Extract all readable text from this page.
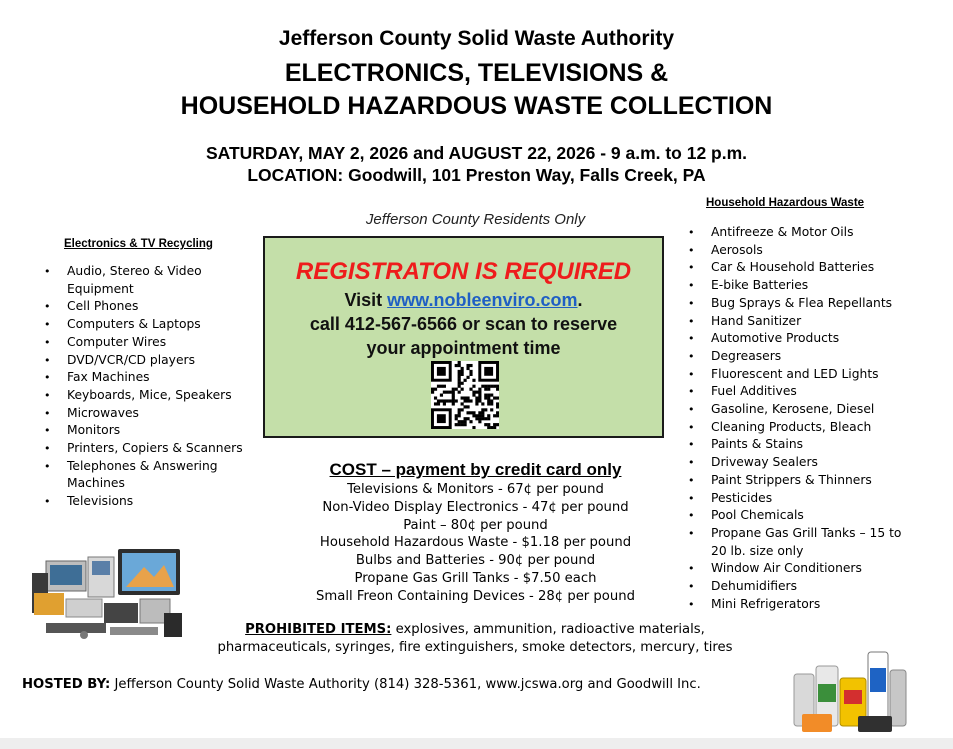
Jefferson County Solid Waste Authority
ELECTRONICS, TELEVISIONS &
HOUSEHOLD HAZARDOUS WASTE COLLECTION
SATURDAY, MAY 2, 2026 and AUGUST 22, 2026 - 9 a.m. to 12 p.m.
LOCATION: Goodwill, 101 Preston Way, Falls Creek, PA
Jefferson County Residents Only
Electronics & TV Recycling
• Audio, Stereo & Video
Equipment
• Cell Phones
• Computers & Laptops
• Computer Wires
• DVD/VCR/CD players
• Fax Machines
• Keyboards, Mice, Speakers
• Microwaves
• Monitors
• Printers, Copiers & Scanners
• Telephones & Answering
Machines
• Televisions
REGISTRATON IS REQUIRED
Visit www.nobleenviro.com.
call 412-567-6566 or scan to reserve
your appointment time
COST – payment by credit card only
Televisions & Monitors - 67¢ per pound
Non-Video Display Electronics - 47¢ per pound
Paint – 80¢ per pound
Household Hazardous Waste - $1.18 per pound
Bulbs and Batteries - 90¢ per pound
Propane Gas Grill Tanks - $7.50 each
Small Freon Containing Devices - 28¢ per pound
Household Hazardous Waste
• Antifreeze & Motor Oils
• Aerosols
• Car & Household Batteries
• E-bike Batteries
• Bug Sprays & Flea Repellants
• Hand Sanitizer
• Automotive Products
• Degreasers
• Fluorescent and LED Lights
• Fuel Additives
• Gasoline, Kerosene, Diesel
• Cleaning Products, Bleach
• Paints & Stains
• Driveway Sealers
• Paint Strippers & Thinners
• Pesticides
• Pool Chemicals
• Propane Gas Grill Tanks – 15 to
20 lb. size only
• Window Air Conditioners
• Dehumidifiers
• Mini Refrigerators
PROHIBITED ITEMS: explosives, ammunition, radioactive materials,
pharmaceuticals, syringes, fire extinguishers, smoke detectors, mercury, tires
HOSTED BY: Jefferson County Solid Waste Authority (814) 328-5361, www.jcswa.org and Goodwill Inc.
